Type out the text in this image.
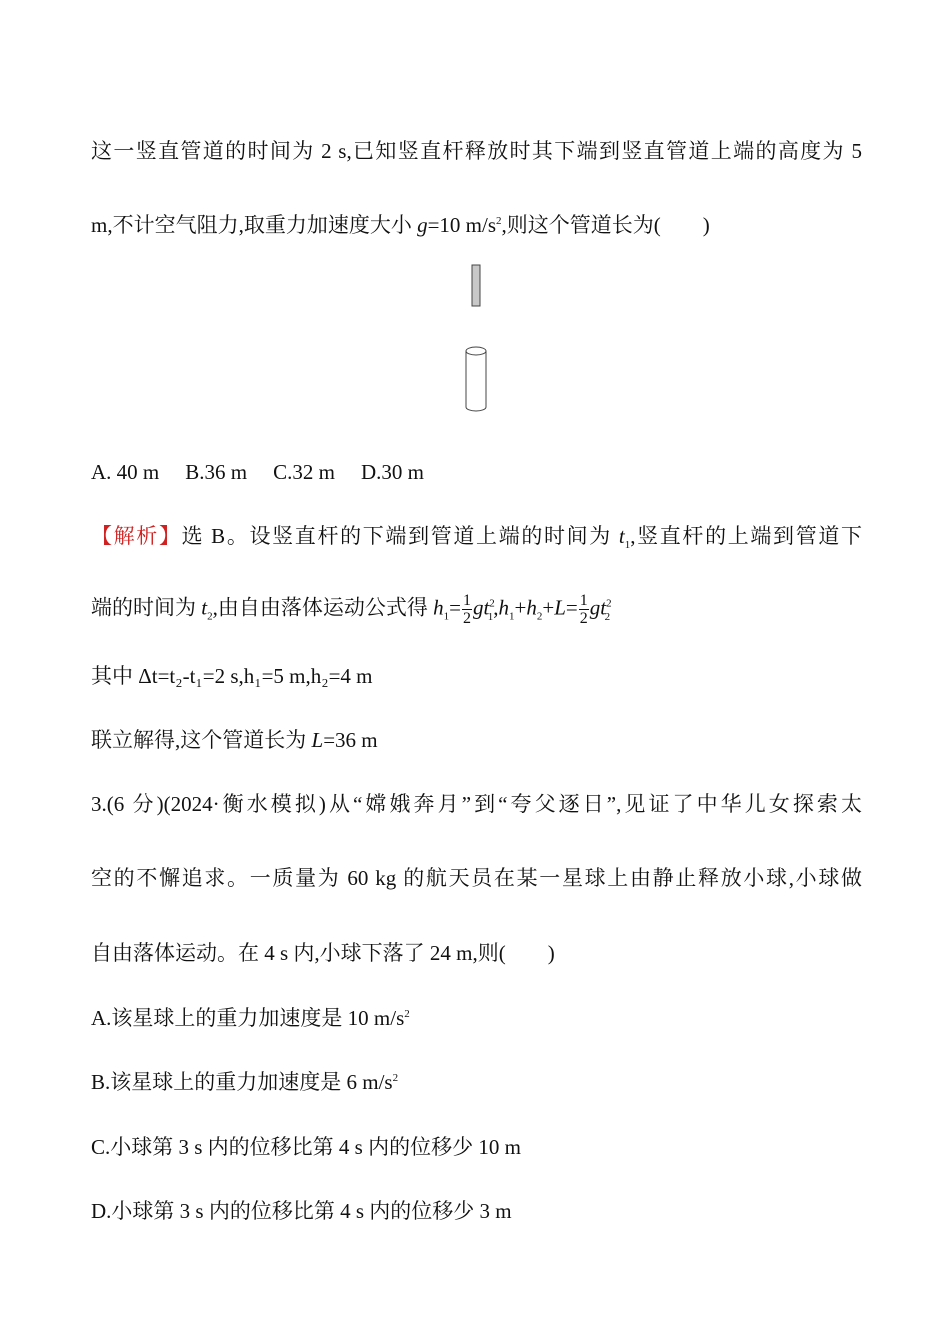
这一竖直管道的时间为 2 s,已知竖直杆释放时其下端到竖直管道上端的高度为 5
m,不计空气阻力,取重力加速度大小 g=10 $m/s^2$,则这个管道长为( )
A. 40 m B.36 m C.32 m D.30 m
【解析】选 B。设竖直杆的下端到管道上端的时间为 $t_1$,竖直杆的上端到管道下
端的时间为 $t_2$,由自由落体运动公式得 $h_1= \frac{1}{2} gt^2_1,h_1+h_2+L= \frac{1}{2} gt^2_2$
其中 Δt=t₂-t₁=2 s,h₁=5 m,h₂=4 m
联立解得,这个管道长为 L=36 m
3.(6 分)(2024·衡水模拟)从“嫦娥奔月”到“夸父逐日”,见证了中华儿女探索太
空的不懈追求。一质量为 60 kg 的航天员在某一星球上由静止释放小球,小球做
自由落体运动。在 4 s 内,小球下落了 24 m,则( )
A.该星球上的重力加速度是 10 $m/s^2$
B.该星球上的重力加速度是 6 $m/s^2$
C.小球第 3 s 内的位移比第 4 s 内的位移少 10 m
D.小球第 3 s 内的位移比第 4 s 内的位移少 3 m
